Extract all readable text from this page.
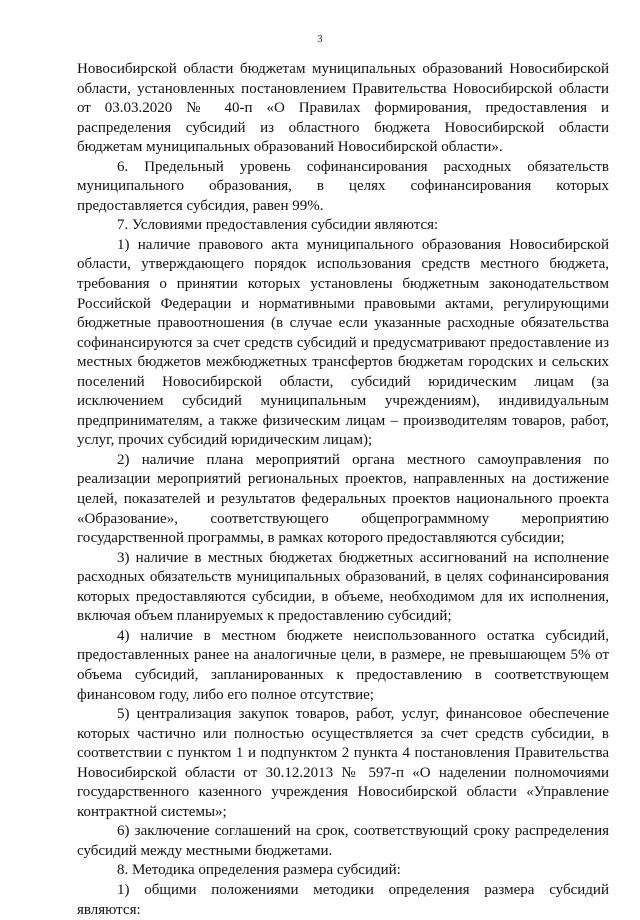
3

Новосибирской области бюджетам муниципальных образований Новосибирской области, установленных постановлением Правительства Новосибирской области от 03.03.2020 № 40-п «О Правилах формирования, предоставления и распределения субсидий из областного бюджета Новосибирской области бюджетам муниципальных образований Новосибирской области».

6. Предельный уровень софинансирования расходных обязательств муниципального образования, в целях софинансирования которых предоставляется субсидия, равен 99%.

7. Условиями предоставления субсидии являются:

1) наличие правового акта муниципального образования Новосибирской области, утверждающего порядок использования средств местного бюджета, требования о принятии которых установлены бюджетным законодательством Российской Федерации и нормативными правовыми актами, регулирующими бюджетные правоотношения (в случае если указанные расходные обязательства софинансируются за счет средств субсидий и предусматривают предоставление из местных бюджетов межбюджетных трансфертов бюджетам городских и сельских поселений Новосибирской области, субсидий юридическим лицам (за исключением субсидий муниципальным учреждениям), индивидуальным предпринимателям, а также физическим лицам – производителям товаров, работ, услуг, прочих субсидий юридическим лицам);

2) наличие плана мероприятий органа местного самоуправления по реализации мероприятий региональных проектов, направленных на достижение целей, показателей и результатов федеральных проектов национального проекта «Образование», соответствующего общепрограммному мероприятию государственной программы, в рамках которого предоставляются субсидии;

3) наличие в местных бюджетах бюджетных ассигнований на исполнение расходных обязательств муниципальных образований, в целях софинансирования которых предоставляются субсидии, в объеме, необходимом для их исполнения, включая объем планируемых к предоставлению субсидий;

4) наличие в местном бюджете неиспользованного остатка субсидий, предоставленных ранее на аналогичные цели, в размере, не превышающем 5% от объема субсидий, запланированных к предоставлению в соответствующем финансовом году, либо его полное отсутствие;

5) централизация закупок товаров, работ, услуг, финансовое обеспечение которых частично или полностью осуществляется за счет средств субсидии, в соответствии с пунктом 1 и подпунктом 2 пункта 4 постановления Правительства Новосибирской области от 30.12.2013 № 597-п «О наделении полномочиями государственного казенного учреждения Новосибирской области «Управление контрактной системы»;

6) заключение соглашений на срок, соответствующий сроку распределения субсидий между местными бюджетами.

8. Методика определения размера субсидий:

1) общими положениями методики определения размера субсидий являются:
